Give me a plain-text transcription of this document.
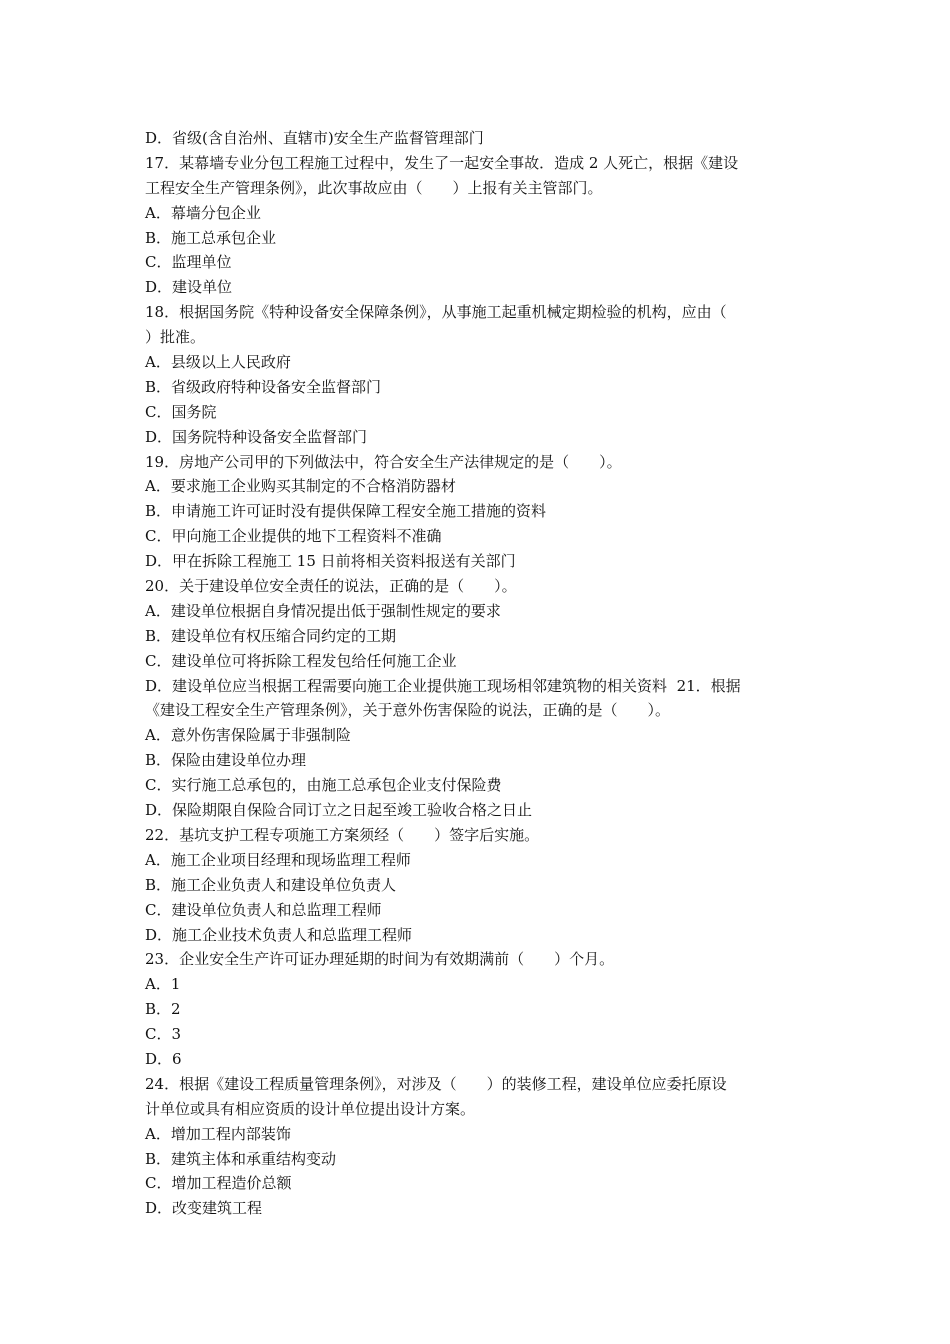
D．省级(含自治州、直辖市)安全生产监督管理部门
17．某幕墙专业分包工程施工过程中，发生了一起安全事故．造成 2 人死亡，根据《建设
工程安全生产管理条例》，此次事故应由（　　）上报有关主管部门。
A．幕墙分包企业
B．施工总承包企业
C．监理单位
D．建设单位
18．根据国务院《特种设备安全保障条例》，从事施工起重机械定期检验的机构，应由（
）批准。
A．县级以上人民政府
B．省级政府特种设备安全监督部门
C．国务院
D．国务院特种设备安全监督部门
19．房地产公司甲的下列做法中，符合安全生产法律规定的是（　　）。
A．要求施工企业购买其制定的不合格消防器材
B．申请施工许可证时没有提供保障工程安全施工措施的资料
C．甲向施工企业提供的地下工程资料不准确
D．甲在拆除工程施工 15 日前将相关资料报送有关部门
20．关于建设单位安全责任的说法，正确的是（　　）。
A．建设单位根据自身情况提出低于强制性规定的要求
B．建设单位有权压缩合同约定的工期
C．建设单位可将拆除工程发包给任何施工企业
D．建设单位应当根据工程需要向施工企业提供施工现场相邻建筑物的相关资料  21．根据
《建设工程安全生产管理条例》，关于意外伤害保险的说法，正确的是（　　）。
A．意外伤害保险属于非强制险
B．保险由建设单位办理
C．实行施工总承包的，由施工总承包企业支付保险费
D．保险期限自保险合同订立之日起至竣工验收合格之日止
22．基坑支护工程专项施工方案须经（　　）签字后实施。
A．施工企业项目经理和现场监理工程师
B．施工企业负责人和建设单位负责人
C．建设单位负责人和总监理工程师
D．施工企业技术负责人和总监理工程师
23．企业安全生产许可证办理延期的时间为有效期满前（　　）个月。
A．1
B．2
C．3
D．6
24．根据《建设工程质量管理条例》，对涉及（　　）的装修工程，建设单位应委托原设
计单位或具有相应资质的设计单位提出设计方案。
A．增加工程内部装饰
B．建筑主体和承重结构变动
C．增加工程造价总额
D．改变建筑工程
